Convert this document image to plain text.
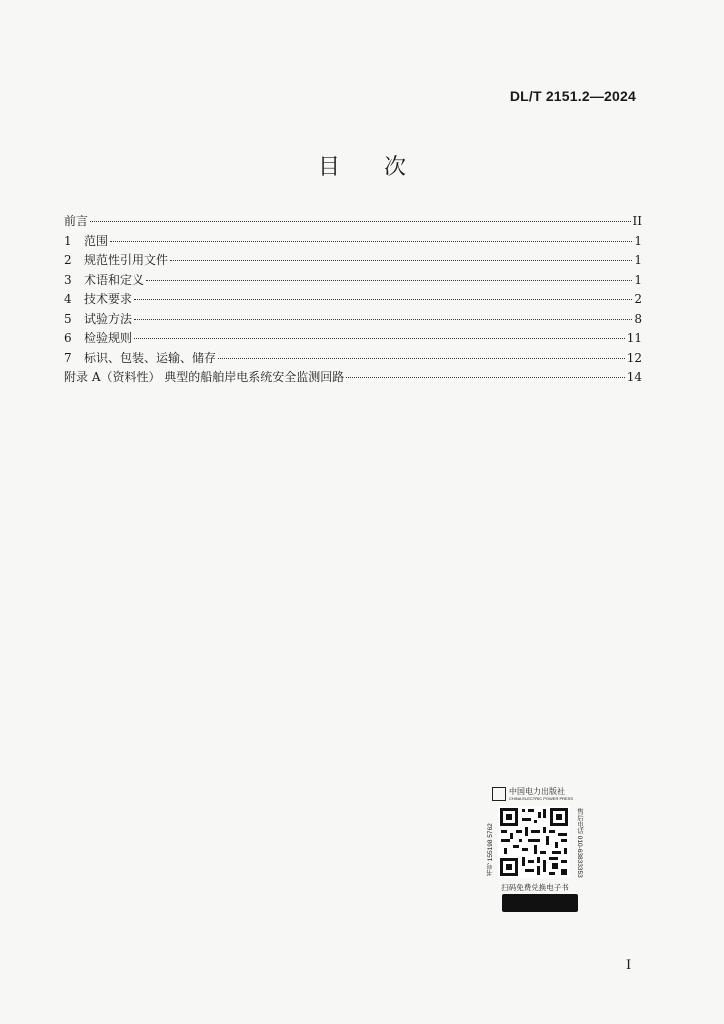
DL/T 2151.2—2024
目次
前言	II
1	范围	1
2	规范性引用文件	1
3	术语和定义	1
4	技术要求	2
5	试验方法	8
6	检验规则	11
7	标识、包装、运输、储存	12
附录 A（资料性） 典型的船舶岸电系统安全监测回路	14
中国电力出版社
CHINA ELECTRIC POWER PRESS
书号 155198 5762	售后电话 010-63833353
扫码免费兑换电子书
I
